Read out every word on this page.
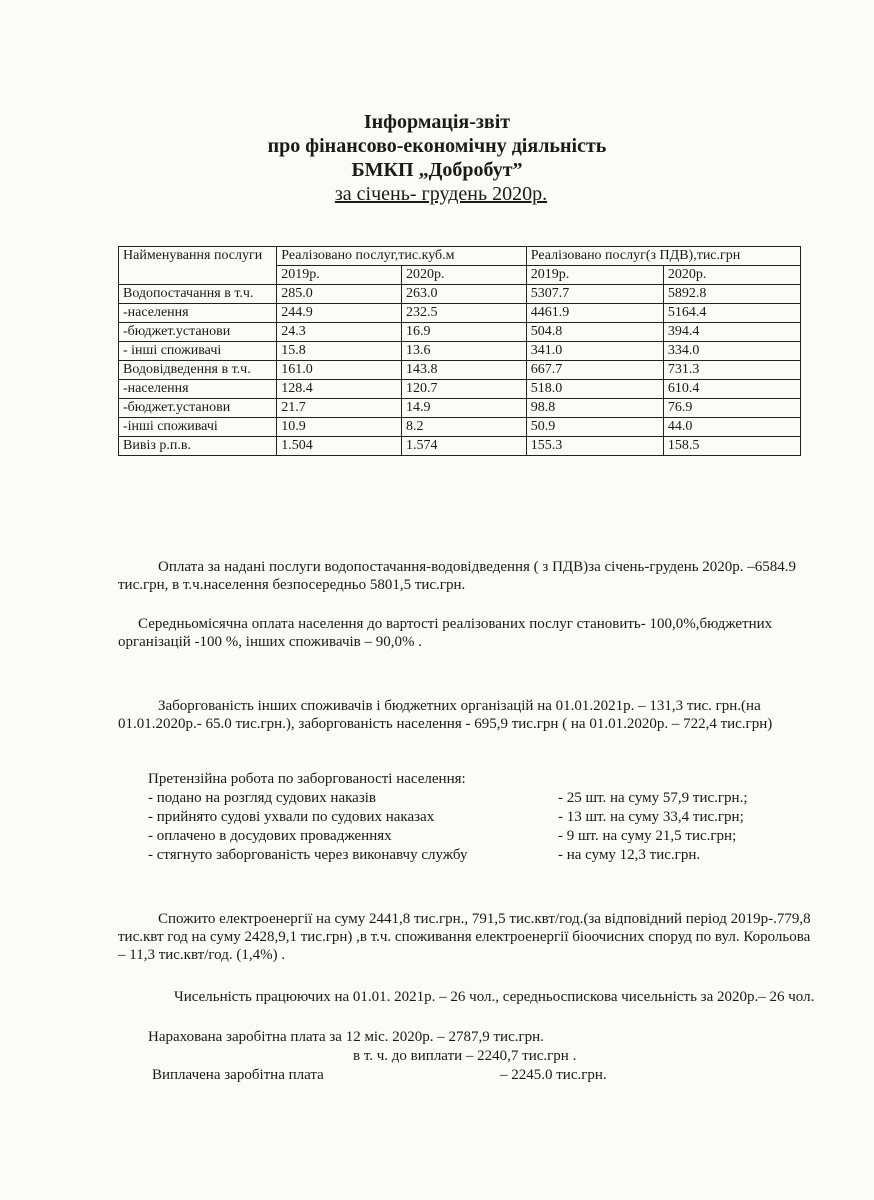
Інформація-звіт
про фінансово-економічну діяльність
БМКП „Добробут”
за січень- грудень 2020р.
Найменування послуги	Реалізовано послуг,тис.куб.м		Реалізовано послуг(з ПДВ),тис.грн	
	2019р.	2020р.	2019р.	2020р.
Водопостачання в т.ч.	285.0	263.0	5307.7	5892.8
-населення	244.9	232.5	4461.9	5164.4
-бюджет.установи	24.3	16.9	504.8	394.4
- інші споживачі	15.8	13.6	341.0	334.0
Водовідведення в т.ч.	161.0	143.8	667.7	731.3
-населення	128.4	120.7	518.0	610.4
-бюджет.установи	21.7	14.9	98.8	76.9
-інші споживачі	10.9	8.2	50.9	44.0
Вивіз р.п.в.	1.504	1.574	155.3	158.5
Оплата за надані послуги водопостачання-водовідведення ( з ПДВ)за січень-грудень 2020р. –6584.9 тис.грн, в т.ч.населення безпосередньо 5801,5 тис.грн.
Середньомісячна оплата населення до вартості реалізованих послуг становить- 100,0%,бюджетних організацій -100 %, інших споживачів – 90,0% .
Заборгованість інших споживачів і бюджетних організацій на 01.01.2021р. – 131,3 тис. грн.(на 01.01.2020р.- 65.0 тис.грн.), заборгованість населення - 695,9 тис.грн ( на 01.01.2020р. – 722,4 тис.грн)
Претензійна робота по заборгованості населення:
- подано на розгляд судових наказів	- 25 шт. на суму 57,9 тис.грн.;
- прийнято судові ухвали по судових наказах	- 13 шт. на суму 33,4 тис.грн;
- оплачено в досудових провадженнях	- 9 шт. на суму 21,5 тис.грн;
- стягнуто заборгованість через виконавчу службу	- на суму 12,3 тис.грн.
Спожито електроенергії на суму 2441,8 тис.грн., 791,5 тис.квт/год.(за відповідний період 2019р-.779,8 тис.квт год на суму 2428,9,1 тис.грн) ,в т.ч. споживання електроенергії біоочисних споруд по вул. Корольова – 11,3 тис.квт/год. (1,4%) .
Чисельність працюючих на 01.01. 2021р. – 26 чол., середньоспискова чисельність за 2020р.– 26 чол.
Нарахована заробітна плата за 12 міс. 2020р. – 2787,9 тис.грн.
в т. ч. до виплати – 2240,7 тис.грн .
Виплачена заробітна плата	– 2245.0 тис.грн.
